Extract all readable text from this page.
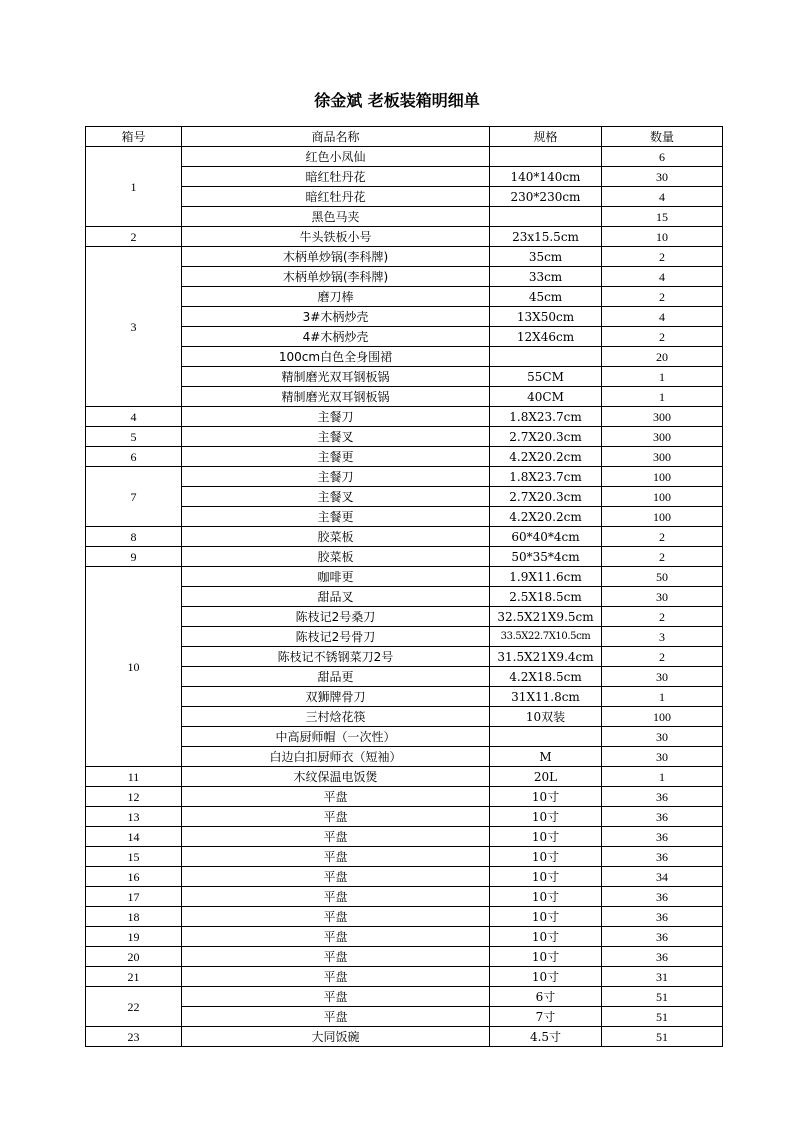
徐金斌 老板装箱明细单
箱号	商品名称	规格	数量
1	红色小凤仙		6
	暗红牡丹花	140*140cm	30
	暗红牡丹花	230*230cm	4
	黑色马夹		15
2	牛头铁板小号	23x15.5cm	10
3	木柄单炒锅(李科牌)	35cm	2
	木柄单炒锅(李科牌)	33cm	4
	磨刀棒	45cm	2
	3#木柄炒壳	13X50cm	4
	4#木柄炒壳	12X46cm	2
	100cm白色全身围裙		20
	精制磨光双耳钢板锅	55CM	1
	精制磨光双耳钢板锅	40CM	1
4	主餐刀	1.8X23.7cm	300
5	主餐叉	2.7X20.3cm	300
6	主餐更	4.2X20.2cm	300
7	主餐刀	1.8X23.7cm	100
	主餐叉	2.7X20.3cm	100
	主餐更	4.2X20.2cm	100
8	胶菜板	60*40*4cm	2
9	胶菜板	50*35*4cm	2
10	咖啡更	1.9X11.6cm	50
	甜品叉	2.5X18.5cm	30
	陈枝记2号桑刀	32.5X21X9.5cm	2
	陈枝记2号骨刀	33.5X22.7X10.5cm	3
	陈枝记不锈钢菜刀2号	31.5X21X9.4cm	2
	甜品更	4.2X18.5cm	30
	双狮牌骨刀	31X11.8cm	1
	三村焓花筷	10双装	100
	中高厨师帽（一次性）		30
	白边白扣厨师衣（短袖）	M	30
11	木纹保温电饭煲	20L	1
12	平盘	10寸	36
13	平盘	10寸	36
14	平盘	10寸	36
15	平盘	10寸	36
16	平盘	10寸	34
17	平盘	10寸	36
18	平盘	10寸	36
19	平盘	10寸	36
20	平盘	10寸	36
21	平盘	10寸	31
22	平盘	6寸	51
	平盘	7寸	51
23	大同饭碗	4.5寸	51
